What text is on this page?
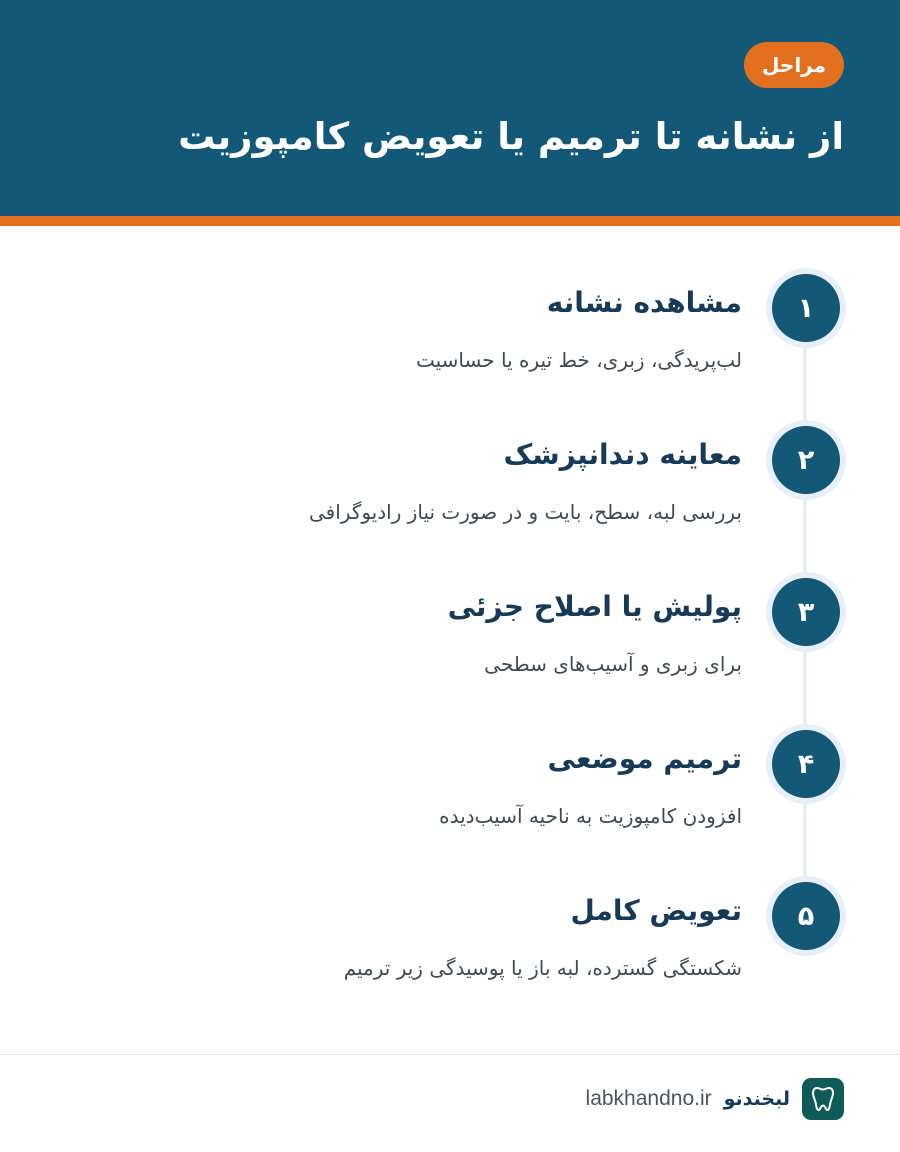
مراحل
از نشانه تا ترمیم یا تعویض کامپوزیت
۱
مشاهده نشانه
لب‌پریدگی، زبری، خط تیره یا حساسیت
۲
معاینه دندانپزشک
بررسی لبه، سطح، بایت و در صورت نیاز رادیوگرافی
۳
پولیش یا اصلاح جزئی
برای زبری و آسیب‌های سطحی
۴
ترمیم موضعی
افزودن کامپوزیت به ناحیه آسیب‌دیده
۵
تعویض کامل
شکستگی گسترده، لبه باز یا پوسیدگی زیر ترمیم
لبخندنو
labkhandno.ir
